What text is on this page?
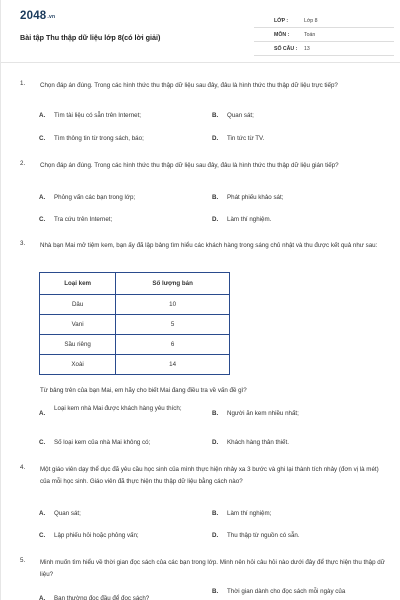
2048.vn
Bài tập Thu thập dữ liệu lớp 8(có lời giải)
LỚP :	Lớp 8
MÔN :	Toán
SỐ CÂU : 13
1. Chọn đáp án đúng. Trong các hình thức thu thập dữ liệu sau đây, đâu là hình thức thu thập dữ liệu trực tiếp?
A. Tìm tài liệu có sẵn trên Internet;	B. Quan sát;
C. Tìm thông tin từ trong sách, báo;	D. Tin tức từ TV.
2. Chọn đáp án đúng. Trong các hình thức thu thập dữ liệu sau đây, đâu là hình thức thu thập dữ liệu gián tiếp?
A. Phỏng vấn các bạn trong lớp;	B. Phát phiếu khảo sát;
C. Tra cứu trên Internet;	D. Làm thí nghiệm.
3. Nhà bạn Mai mở tiệm kem, bạn ấy đã lập bảng tìm hiểu các khách hàng trong sáng chủ nhật và thu được kết quả như sau:
Loại kem	Số lượng bán
Dâu	10
Vani	5
Sầu riêng	6
Xoài	14
Từ bảng trên của bạn Mai, em hãy cho biết Mai đang điều tra về vấn đề gì?
A.
Loại kem nhà Mai được khách hàng yêu thích;
B. Người ăn kem nhiều nhất;
C. Số loại kem của nhà Mai không có;	D. Khách hàng thân thiết.
4. Một giáo viên dạy thể dục đã yêu cầu học sinh của mình thực hiện nhảy xa 3 bước và ghi lại thành tích nhảy (đơn vị là mét) của mỗi học sinh. Giáo viên đã thực hiện thu thập dữ liệu bằng cách nào?
A. Quan sát;	B. Làm thí nghiệm;
C. Lập phiếu hỏi hoặc phỏng vấn;	D. Thu thập từ nguồn có sẵn.
5. Minh muốn tìm hiểu về thời gian đọc sách của các bạn trong lớp. Minh nên hỏi câu hỏi nào dưới đây để thực hiện thu thập dữ liệu?
A. Bạn thường đọc đầu để đọc sách?
B. Thời gian dành cho đọc sách mỗi ngày của
